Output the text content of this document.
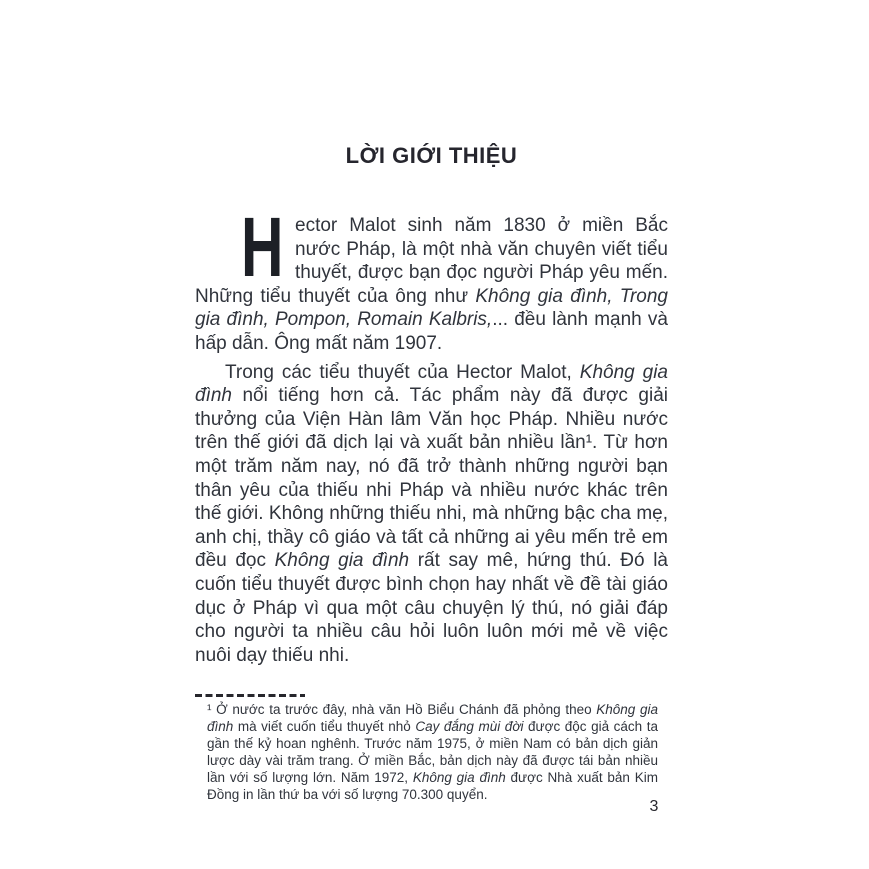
LỜI GIỚI THIỆU

Hector Malot sinh năm 1830 ở miền Bắc nước Pháp, là một nhà văn chuyên viết tiểu thuyết, được bạn đọc người Pháp yêu mến. Những tiểu thuyết của ông như Không gia đình, Trong gia đình, Pompon, Romain Kalbris,... đều lành mạnh và hấp dẫn. Ông mất năm 1907.

Trong các tiểu thuyết của Hector Malot, Không gia đình nổi tiếng hơn cả. Tác phẩm này đã được giải thưởng của Viện Hàn lâm Văn học Pháp. Nhiều nước trên thế giới đã dịch lại và xuất bản nhiều lần¹. Từ hơn một trăm năm nay, nó đã trở thành những người bạn thân yêu của thiếu nhi Pháp và nhiều nước khác trên thế giới. Không những thiếu nhi, mà những bậc cha mẹ, anh chị, thầy cô giáo và tất cả những ai yêu mến trẻ em đều đọc Không gia đình rất say mê, hứng thú. Đó là cuốn tiểu thuyết được bình chọn hay nhất về đề tài giáo dục ở Pháp vì qua một câu chuyện lý thú, nó giải đáp cho người ta nhiều câu hỏi luôn luôn mới mẻ về việc nuôi dạy thiếu nhi.

¹ Ở nước ta trước đây, nhà văn Hồ Biểu Chánh đã phỏng theo Không gia đình mà viết cuốn tiểu thuyết nhỏ Cay đắng mùi đời được độc giả cách ta gần thế kỷ hoan nghênh. Trước năm 1975, ở miền Nam có bản dịch giản lược dày vài trăm trang. Ở miền Bắc, bản dịch này đã được tái bản nhiều lần với số lượng lớn. Năm 1972, Không gia đình được Nhà xuất bản Kim Đồng in lần thứ ba với số lượng 70.300 quyển.

3
